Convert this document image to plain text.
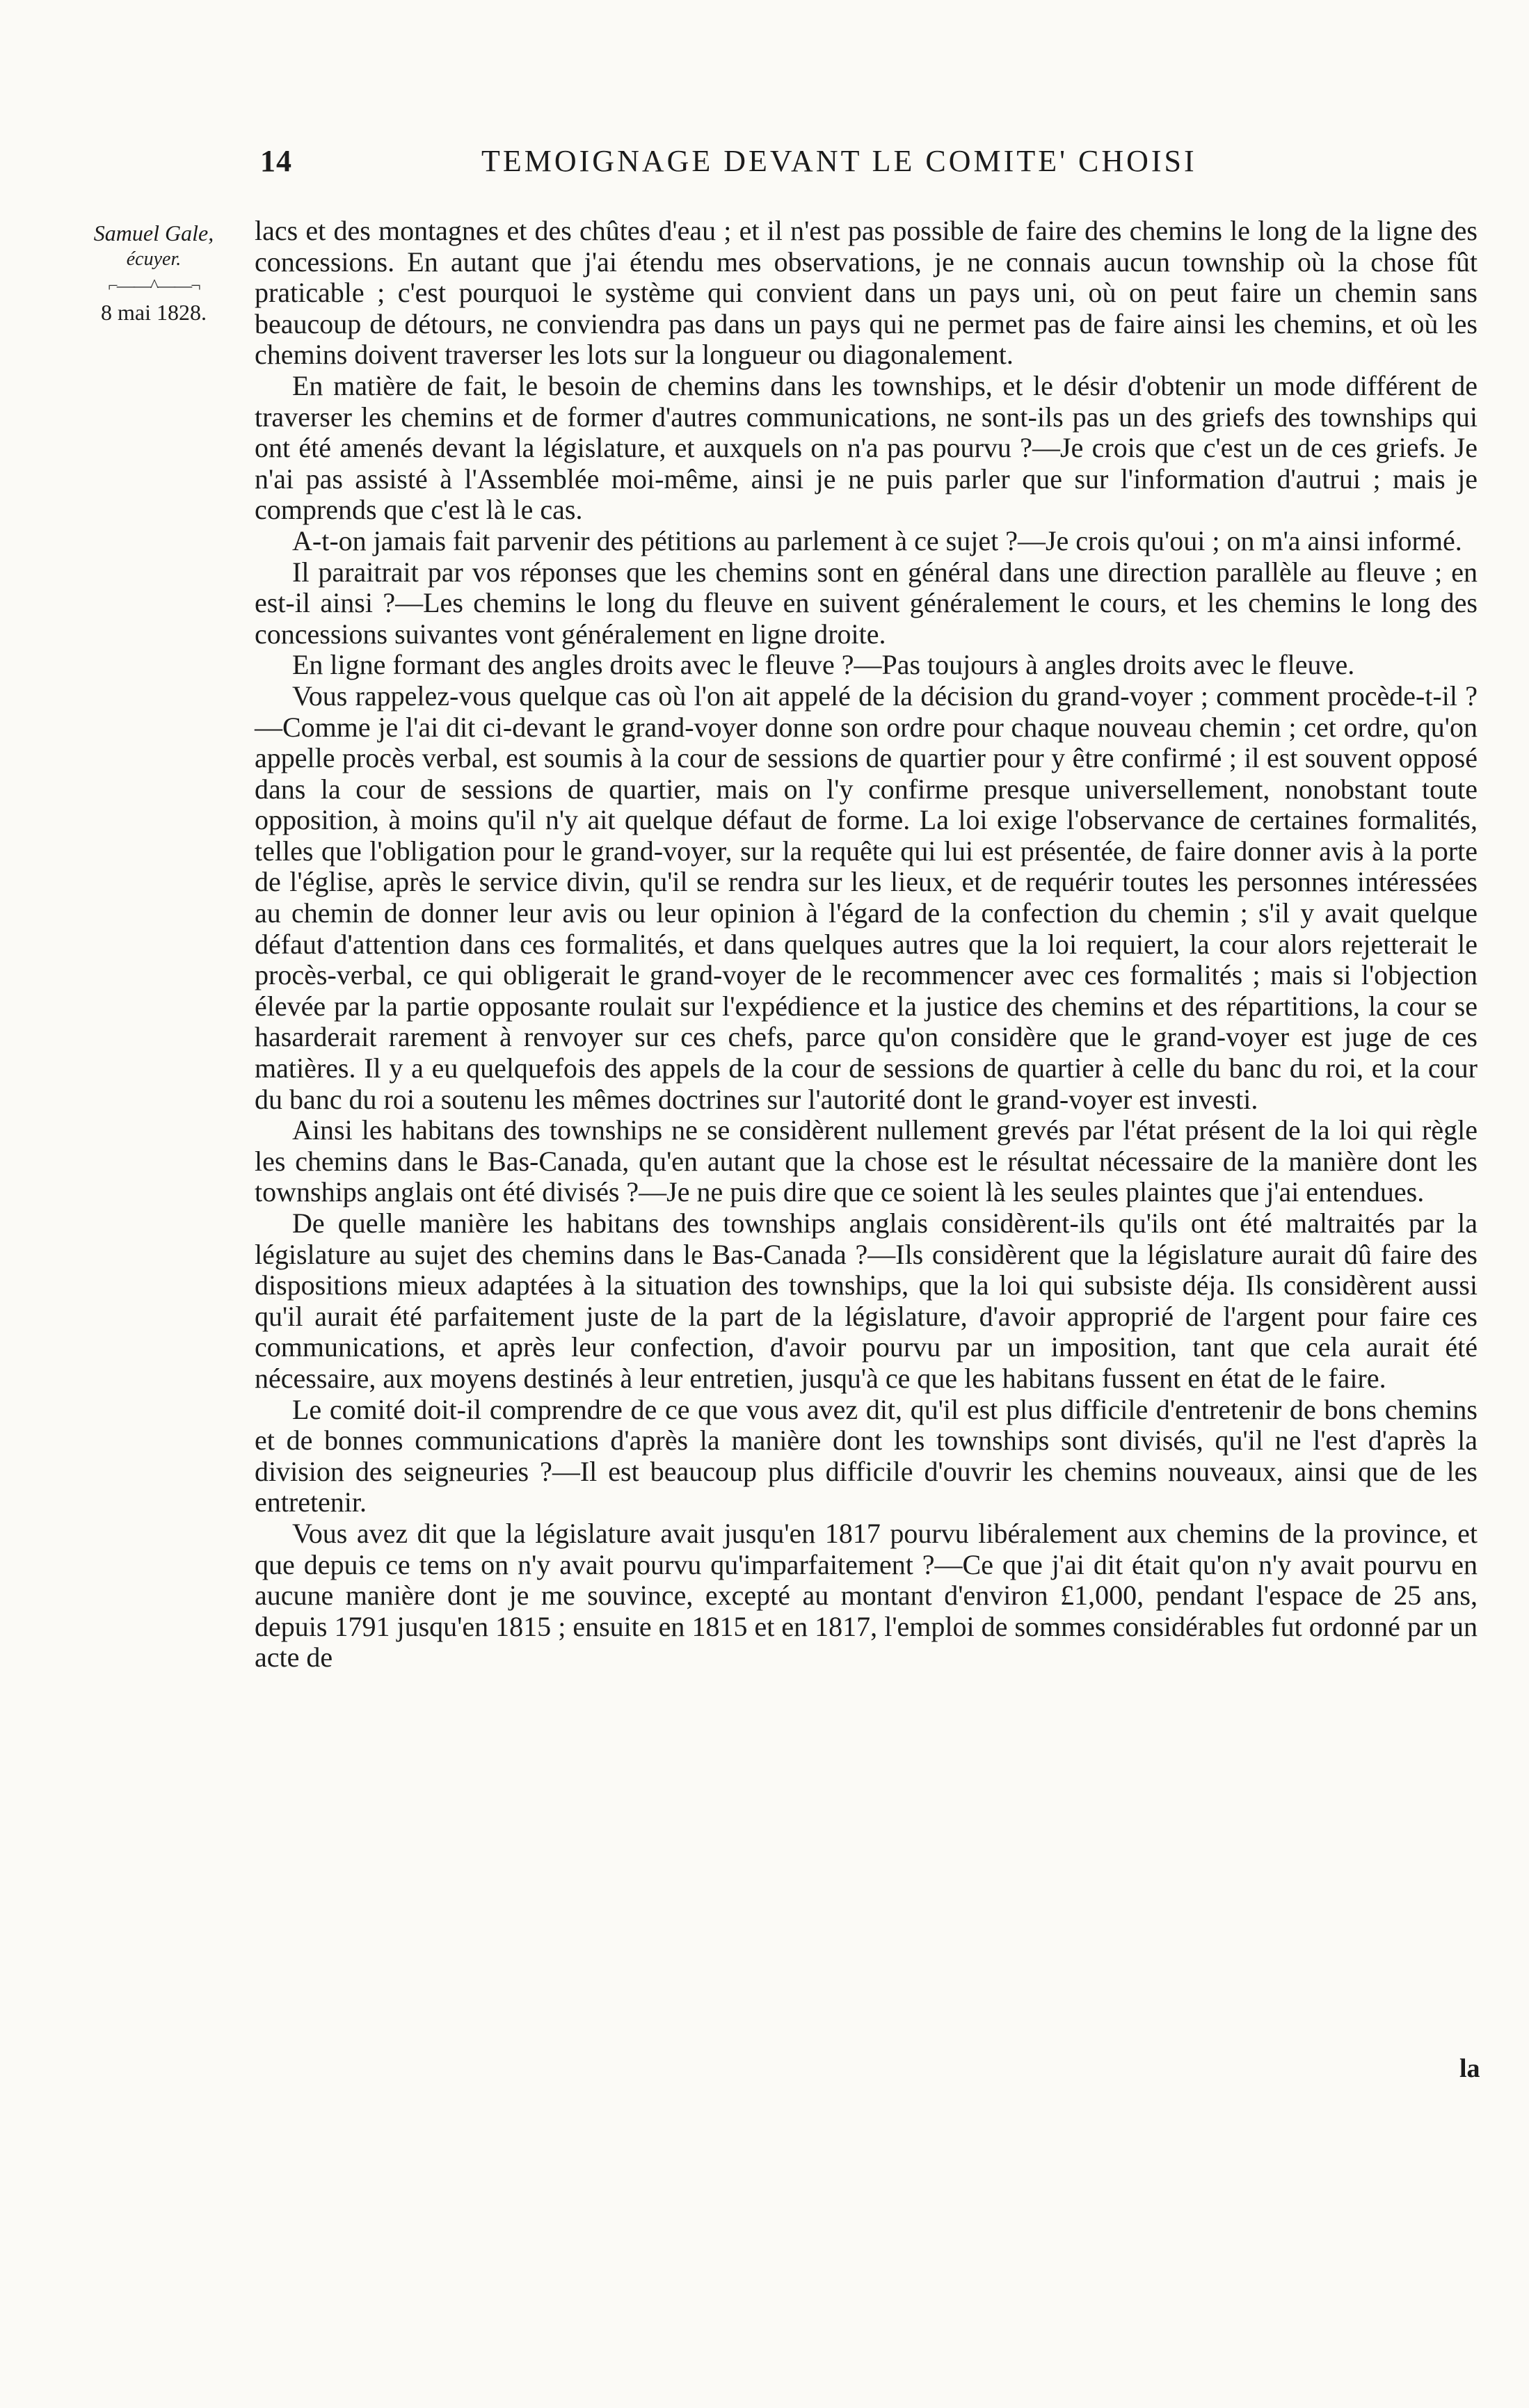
14	TEMOIGNAGE DEVANT LE COMITE' CHOISI
Samuel Gale,
écuyer.
⌐——^——¬
8 mai 1828.

lacs et des montagnes et des chûtes d'eau ; et il n'est pas possible de faire des chemins le long de la ligne des concessions. En autant que j'ai étendu mes observations, je ne connais aucun township où la chose fût praticable ; c'est pourquoi le système qui convient dans un pays uni, où on peut faire un chemin sans beaucoup de détours, ne conviendra pas dans un pays qui ne permet pas de faire ainsi les chemins, et où les chemins doivent traverser les lots sur la longueur ou diagonalement.

En matière de fait, le besoin de chemins dans les townships, et le désir d'obtenir un mode différent de traverser les chemins et de former d'autres communications, ne sont-ils pas un des griefs des townships qui ont été amenés devant la législature, et auxquels on n'a pas pourvu ?—Je crois que c'est un de ces griefs. Je n'ai pas assisté à l'Assemblée moi-même, ainsi je ne puis parler que sur l'information d'autrui ; mais je comprends que c'est là le cas.

A-t-on jamais fait parvenir des pétitions au parlement à ce sujet ?—Je crois qu'oui ; on m'a ainsi informé.

Il paraitrait par vos réponses que les chemins sont en général dans une direction parallèle au fleuve ; en est-il ainsi ?—Les chemins le long du fleuve en suivent généralement le cours, et les chemins le long des concessions suivantes vont généralement en ligne droite.

En ligne formant des angles droits avec le fleuve ?—Pas toujours à angles droits avec le fleuve.

Vous rappelez-vous quelque cas où l'on ait appelé de la décision du grand-voyer ; comment procède-t-il ?—Comme je l'ai dit ci-devant le grand-voyer donne son ordre pour chaque nouveau chemin ; cet ordre, qu'on appelle procès verbal, est soumis à la cour de sessions de quartier pour y être confirmé ; il est souvent opposé dans la cour de sessions de quartier, mais on l'y confirme presque universellement, nonobstant toute opposition, à moins qu'il n'y ait quelque défaut de forme. La loi exige l'observance de certaines formalités, telles que l'obligation pour le grand-voyer, sur la requête qui lui est présentée, de faire donner avis à la porte de l'église, après le service divin, qu'il se rendra sur les lieux, et de requérir toutes les personnes intéressées au chemin de donner leur avis ou leur opinion à l'égard de la confection du chemin ; s'il y avait quelque défaut d'attention dans ces formalités, et dans quelques autres que la loi requiert, la cour alors rejetterait le procès-verbal, ce qui obligerait le grand-voyer de le recommencer avec ces formalités ; mais si l'objection élevée par la partie opposante roulait sur l'expédience et la justice des chemins et des répartitions, la cour se hasarderait rarement à renvoyer sur ces chefs, parce qu'on considère que le grand-voyer est juge de ces matières. Il y a eu quelquefois des appels de la cour de sessions de quartier à celle du banc du roi, et la cour du banc du roi a soutenu les mêmes doctrines sur l'autorité dont le grand-voyer est investi.

Ainsi les habitans des townships ne se considèrent nullement grevés par l'état présent de la loi qui règle les chemins dans le Bas-Canada, qu'en autant que la chose est le résultat nécessaire de la manière dont les townships anglais ont été divisés ?—Je ne puis dire que ce soient là les seules plaintes que j'ai entendues.

De quelle manière les habitans des townships anglais considèrent-ils qu'ils ont été maltraités par la législature au sujet des chemins dans le Bas-Canada ?—Ils considèrent que la législature aurait dû faire des dispositions mieux adaptées à la situation des townships, que la loi qui subsiste déja. Ils considèrent aussi qu'il aurait été parfaitement juste de la part de la législature, d'avoir approprié de l'argent pour faire ces communications, et après leur confection, d'avoir pourvu par un imposition, tant que cela aurait été nécessaire, aux moyens destinés à leur entretien, jusqu'à ce que les habitans fussent en état de le faire.

Le comité doit-il comprendre de ce que vous avez dit, qu'il est plus difficile d'entretenir de bons chemins et de bonnes communications d'après la manière dont les townships sont divisés, qu'il ne l'est d'après la division des seigneuries ?—Il est beaucoup plus difficile d'ouvrir les chemins nouveaux, ainsi que de les entretenir.

Vous avez dit que la législature avait jusqu'en 1817 pourvu libéralement aux chemins de la province, et que depuis ce tems on n'y avait pourvu qu'imparfaitement ?—Ce que j'ai dit était qu'on n'y avait pourvu en aucune manière dont je me souvince, excepté au montant d'environ £1,000, pendant l'espace de 25 ans, depuis 1791 jusqu'en 1815 ; ensuite en 1815 et en 1817, l'emploi de sommes considérables fut ordonné par un acte de

la
